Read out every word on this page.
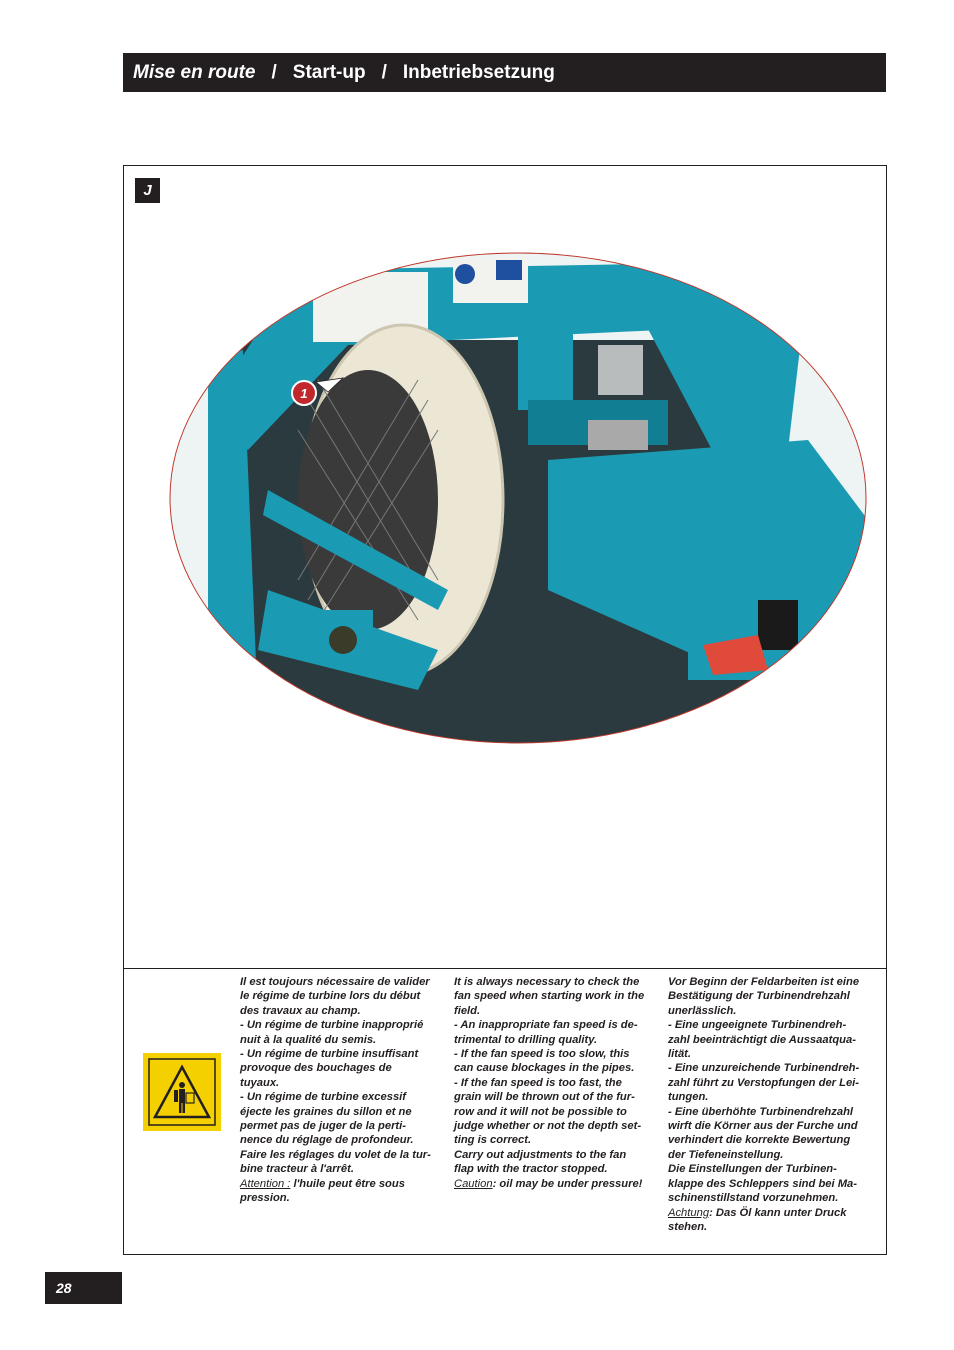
Mise en route / Start-up / Inbetriebsetzung
J
1

Il est toujours nécessaire de valider

le régime de turbine lors du début

des travaux au champ.

- Un régime de turbine inapproprié

nuit à la qualité du semis.

- Un régime de turbine insuffisant

provoque des bouchages de

tuyaux.

- Un régime de turbine excessif

éjecte les graines du sillon et ne

permet pas de juger de la perti-

nence du réglage de profondeur.

Faire les réglages du volet de la tur-

bine tracteur à l'arrêt.

Attention : l'huile peut être sous

pression.

It is always necessary to check the

fan speed when starting work in the

field.

- An inappropriate fan speed is de-

trimental to drilling quality.

- If the fan speed is too slow, this

can cause blockages in the pipes.

- If the fan speed is too fast, the

grain will be thrown out of the fur-

row and it will not be possible to

judge whether or not the depth set-

ting is correct.

Carry out adjustments to the fan

flap with the tractor stopped.

Caution: oil may be under pressure!

Vor Beginn der Feldarbeiten ist eine

Bestätigung der Turbinendrehzahl

unerlässlich.

- Eine ungeeignete Turbinendreh-

zahl beeinträchtigt die Aussaatqua-

lität.

- Eine unzureichende Turbinendreh-

zahl führt zu Verstopfungen der Lei-

tungen.

- Eine überhöhte Turbinendrehzahl

wirft die Körner aus der Furche und

verhindert die korrekte Bewertung

der Tiefeneinstellung.

Die Einstellungen der Turbinen-

klappe des Schleppers sind bei Ma-

schinenstillstand vorzunehmen.

Achtung: Das Öl kann unter Druck

stehen.

28
